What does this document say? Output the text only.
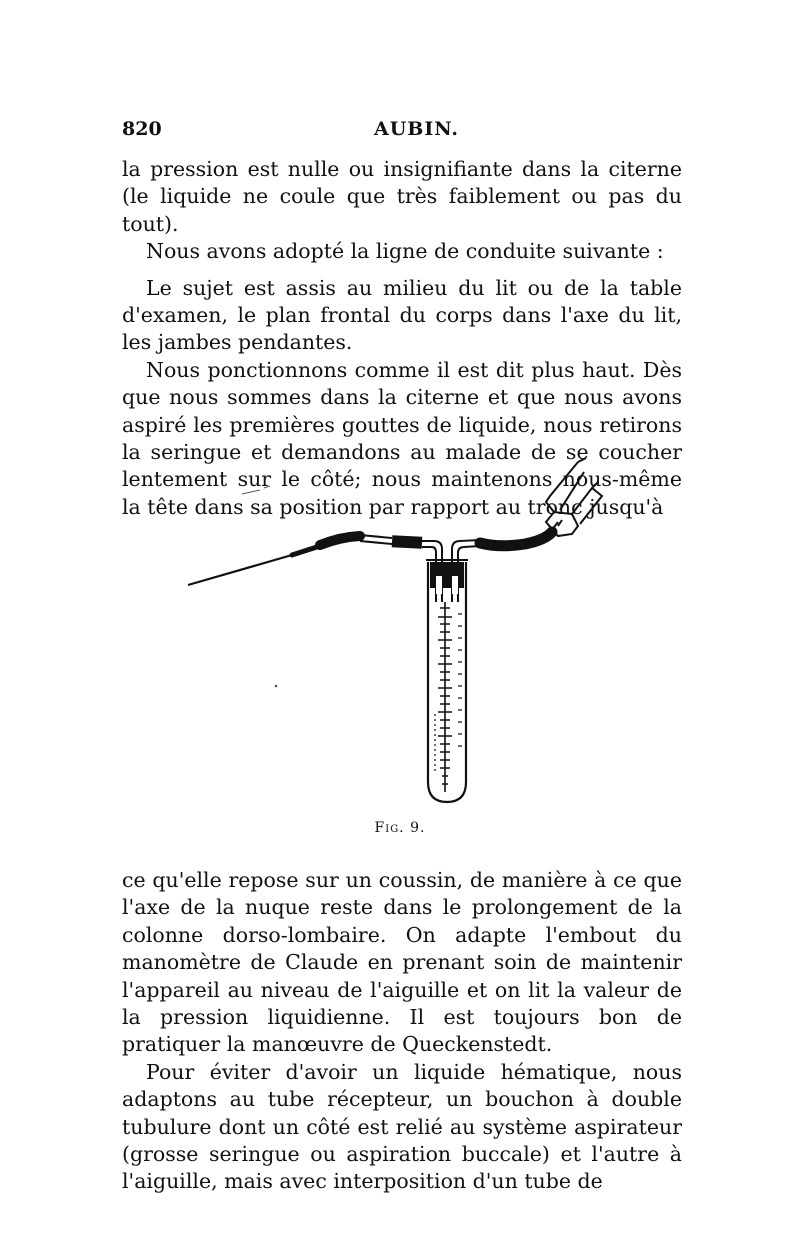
820	AUBIN.

la pression est nulle ou insignifiante dans la citerne (le liquide ne coule que très faiblement ou pas du tout).

Nous avons adopté la ligne de conduite suivante :

Le sujet est assis au milieu du lit ou de la table d'examen, le plan frontal du corps dans l'axe du lit, les jambes pendantes.

Nous ponctionnons comme il est dit plus haut. Dès que nous sommes dans la citerne et que nous avons aspiré les premières gouttes de liquide, nous retirons la seringue et demandons au malade de se coucher lentement sur le côté; nous maintenons nous-même la tête dans sa position par rapport au tronc jusqu'à

Fig. 9.

ce qu'elle repose sur un coussin, de manière à ce que l'axe de la nuque reste dans le prolongement de la colonne dorso-lombaire. On adapte l'embout du manomètre de Claude en prenant soin de maintenir l'appareil au niveau de l'aiguille et on lit la valeur de la pression liquidienne. Il est toujours bon de pratiquer la manœuvre de Queckenstedt.

Pour éviter d'avoir un liquide hématique, nous adaptons au tube récepteur, un bouchon à double tubulure dont un côté est relié au système aspirateur (grosse seringue ou aspiration buccale) et l'autre à l'aiguille, mais avec interposition d'un tube de
